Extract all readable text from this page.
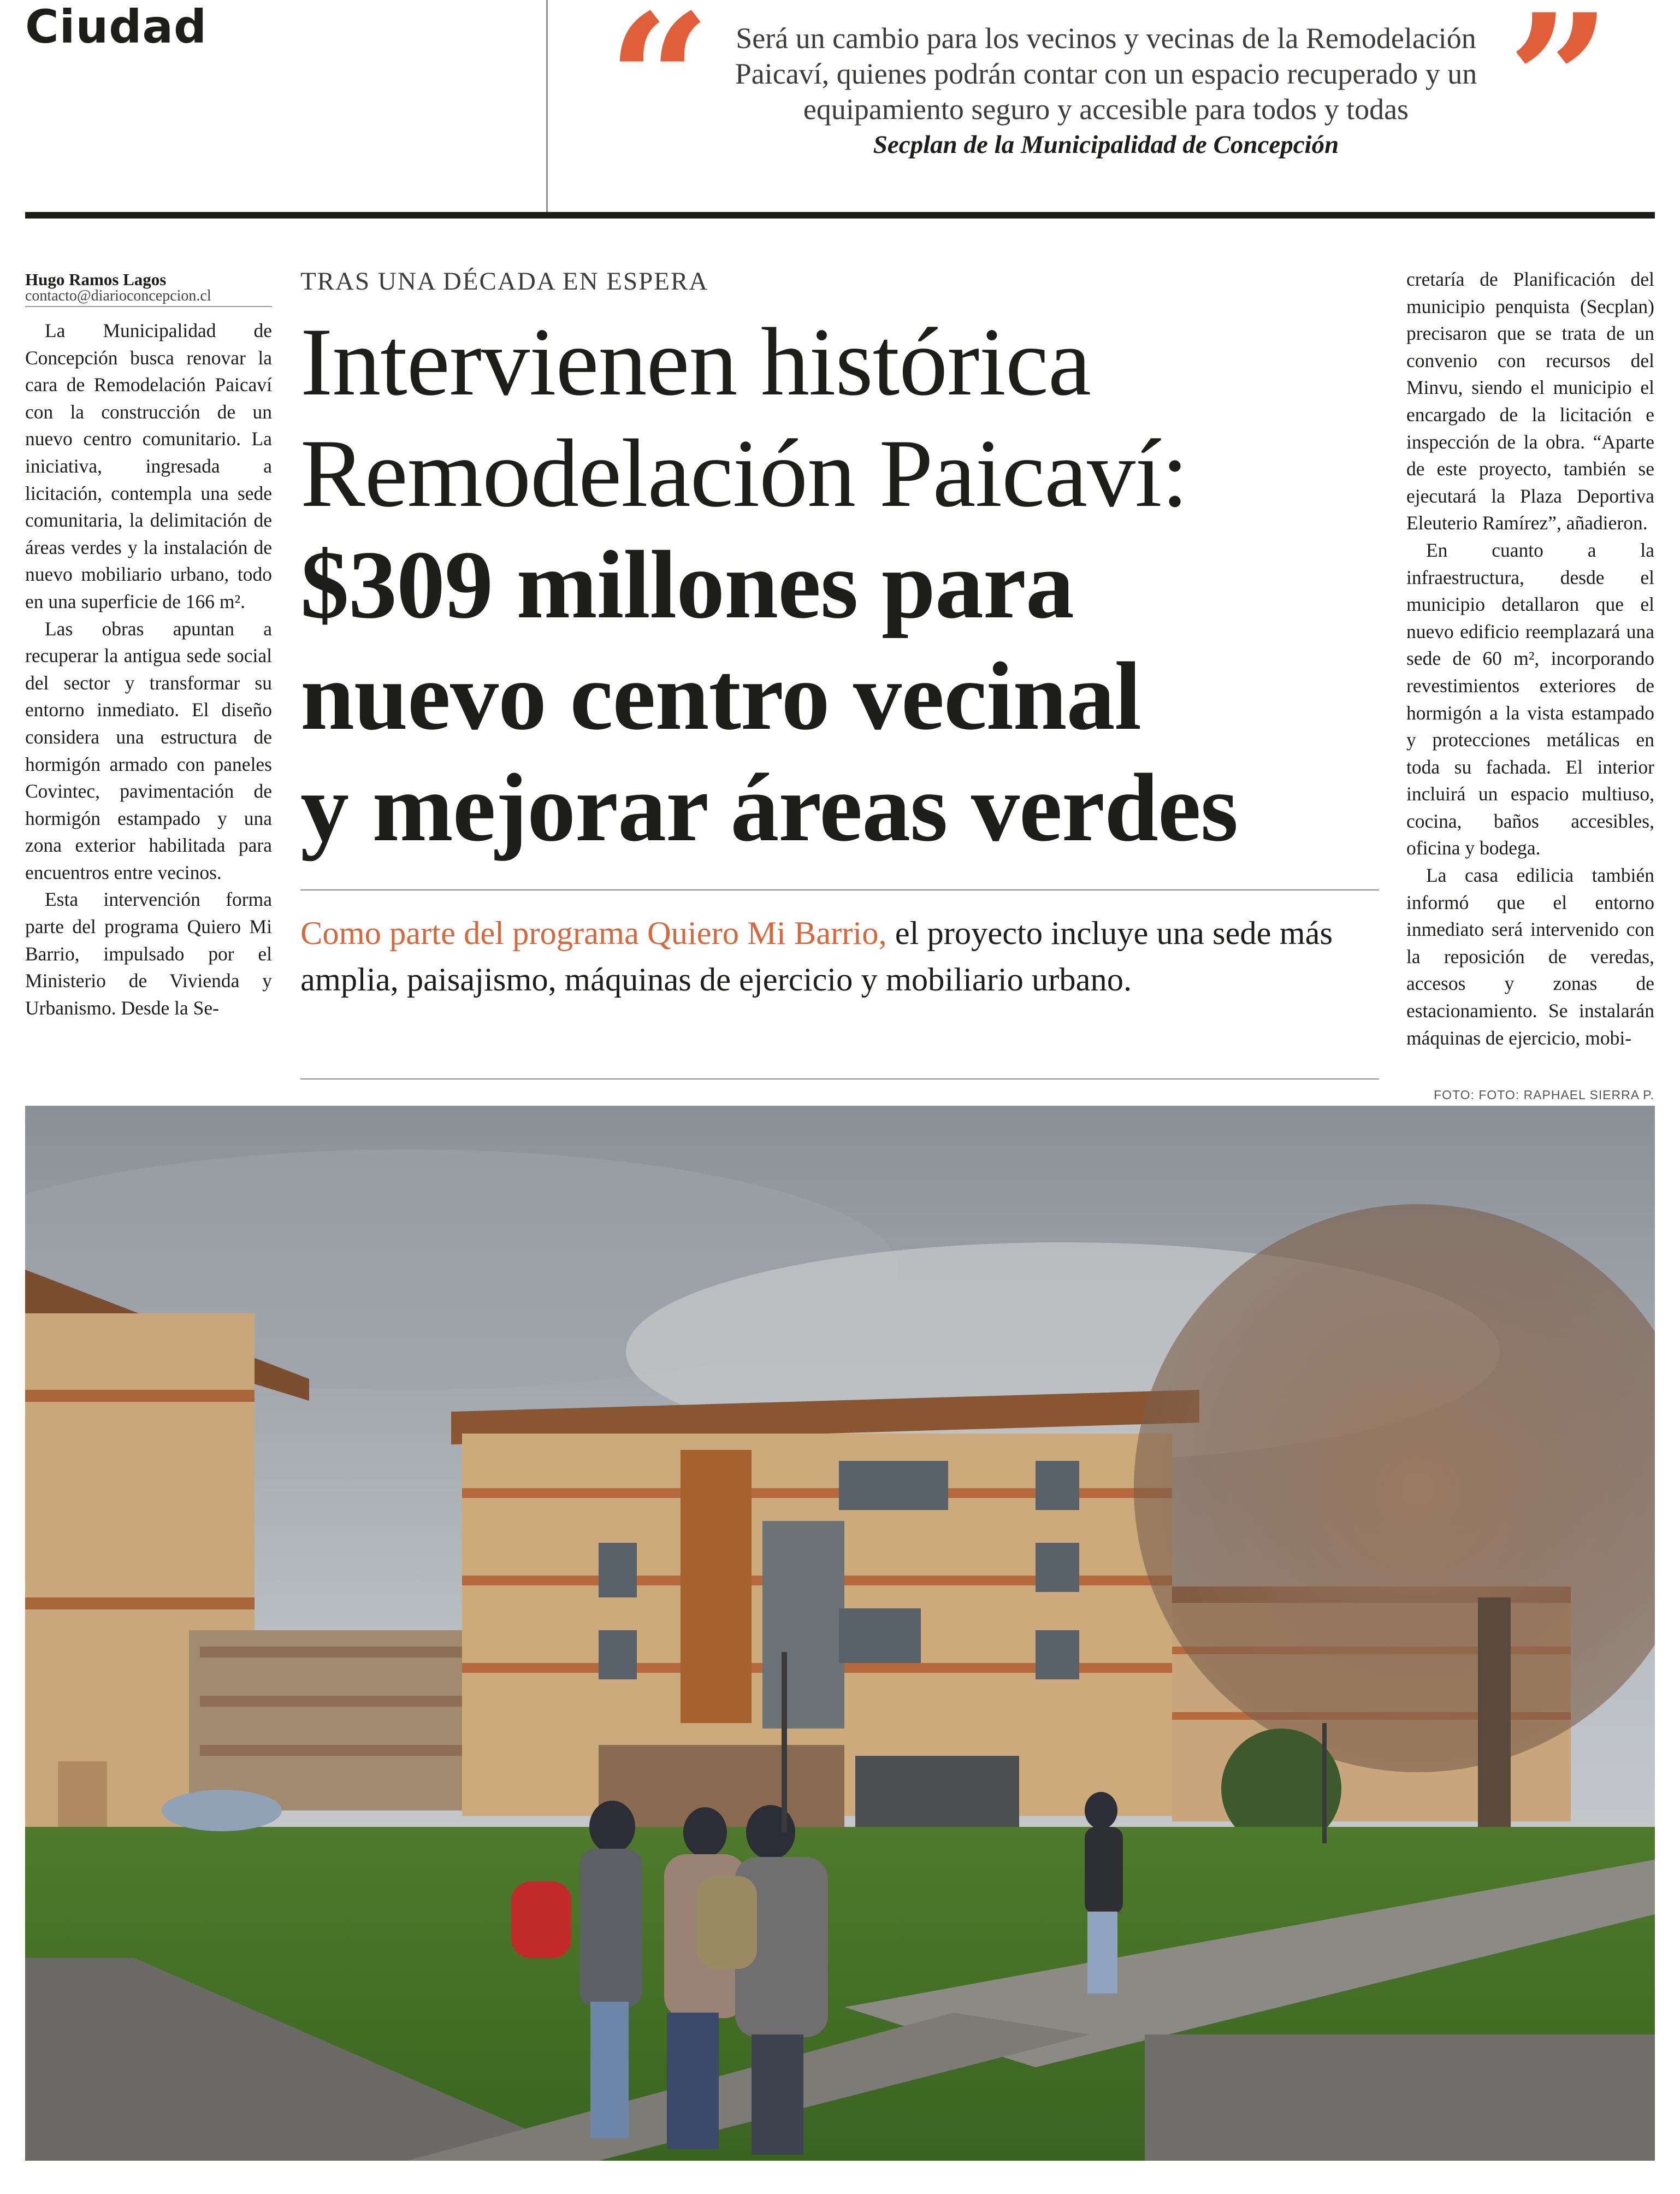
Ciudad “	”
Será un cambio para los vecinos y vecinas de la Remodelación Paicaví, quienes podrán contar con un espacio recuperado y un equipamiento seguro y accesible para todos y todas
Secplan de la Municipalidad de Concepción
Hugo Ramos Lagos
contacto@diarioconcepcion.cl

La Municipalidad de Concepción busca renovar la cara de Remodelación Paicaví con la construcción de un nuevo centro comunitario. La iniciativa, ingresada a licitación, contempla una sede comunitaria, la delimitación de áreas verdes y la instalación de nuevo mobiliario urbano, todo en una superficie de 166 m².

Las obras apuntan a recuperar la antigua sede social del sector y transformar su entorno inmediato. El diseño considera una estructura de hormigón armado con paneles Covintec, pavimentación de hormigón estampado y una zona exterior habilitada para encuentros entre vecinos.

Esta intervención forma parte del programa Quiero Mi Barrio, impulsado por el Ministerio de Vivienda y Urbanismo. Desde la Se-

TRAS UNA DÉCADA EN ESPERA
Intervienen histórica
Remodelación Paicaví:
$309 millones para
nuevo centro vecinal
y mejorar áreas verdes
Como parte del programa Quiero Mi Barrio, el proyecto incluye una sede más amplia, paisajismo, máquinas de ejercicio y mobiliario urbano.

cretaría de Planificación del municipio penquista (Secplan) precisaron que se trata de un convenio con recursos del Minvu, siendo el municipio el encargado de la licitación e inspección de la obra. “Aparte de este proyecto, también se ejecutará la Plaza Deportiva Eleuterio Ramírez”, añadieron.

En cuanto a la infraestructura, desde el municipio detallaron que el nuevo edificio reemplazará una sede de 60 m², incorporando revestimientos exteriores de hormigón a la vista estampado y protecciones metálicas en toda su fachada. El interior incluirá un espacio multiuso, cocina, baños accesibles, oficina y bodega.

La casa edilicia también informó que el entorno inmediato será intervenido con la reposición de veredas, accesos y zonas de estacionamiento. Se instalarán máquinas de ejercicio, mobi-

FOTO: FOTO: RAPHAEL SIERRA P.
